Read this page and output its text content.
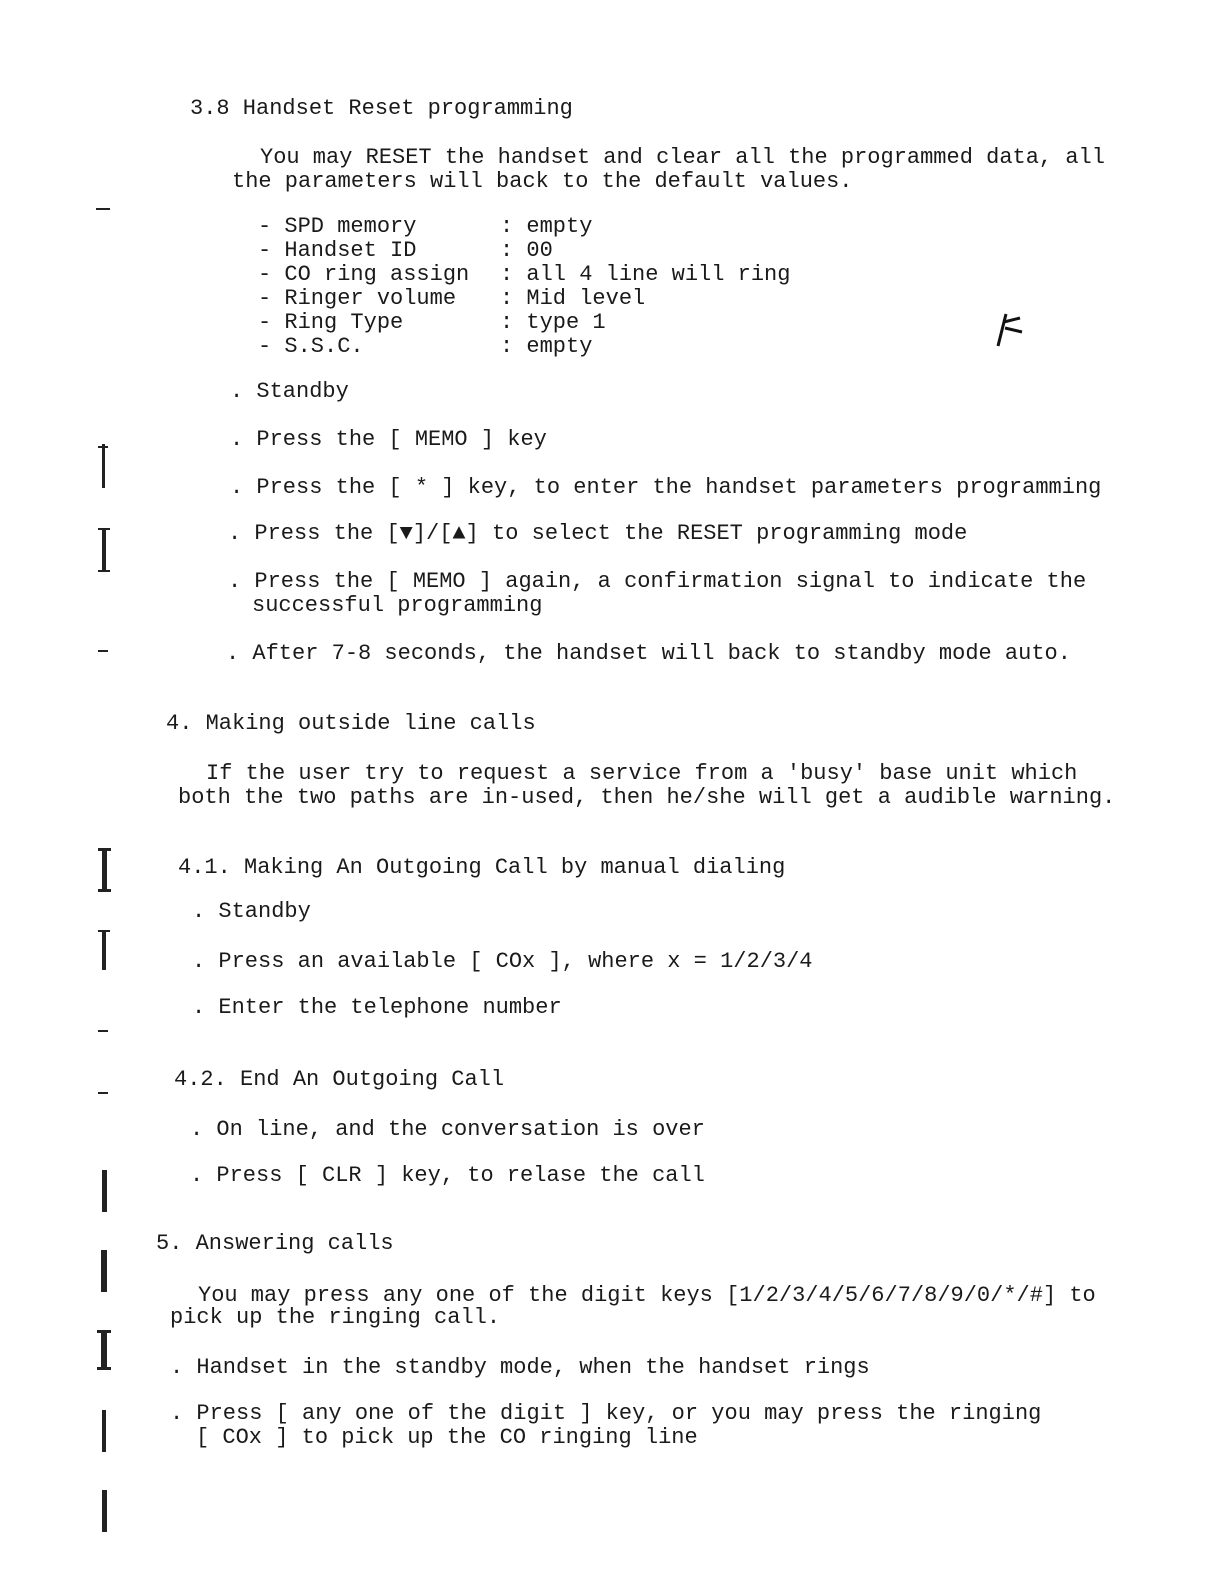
3.8 Handset Reset programming
You may RESET the handset and clear all the programmed data, all
the parameters will back to the default values.
- SPD memory	: empty
- Handset ID	: 00
- CO ring assign : all 4 line will ring
- Ringer volume : Mid level
- Ring Type	: type 1
- S.S.C.	: empty
. Standby
. Press the [ MEMO ] key
. Press the [ * ] key, to enter the handset parameters programming
. Press the [▼]/[▲] to select the RESET programming mode
. Press the [ MEMO ] again, a confirmation signal to indicate the
successful programming
. After 7-8 seconds, the handset will back to standby mode auto.
4. Making outside line calls
If the user try to request a service from a 'busy' base unit which
both the two paths are in-used, then he/she will get a audible warning.
4.1. Making An Outgoing Call by manual dialing
. Standby
. Press an available [ COx ], where x = 1/2/3/4
. Enter the telephone number
4.2. End An Outgoing Call
. On line, and the conversation is over
. Press [ CLR ] key, to relase the call
5. Answering calls
You may press any one of the digit keys [1/2/3/4/5/6/7/8/9/0/*/#] to
pick up the ringing call.
. Handset in the standby mode, when the handset rings
. Press [ any one of the digit ] key, or you may press the ringing
[ COx ] to pick up the CO ringing line
